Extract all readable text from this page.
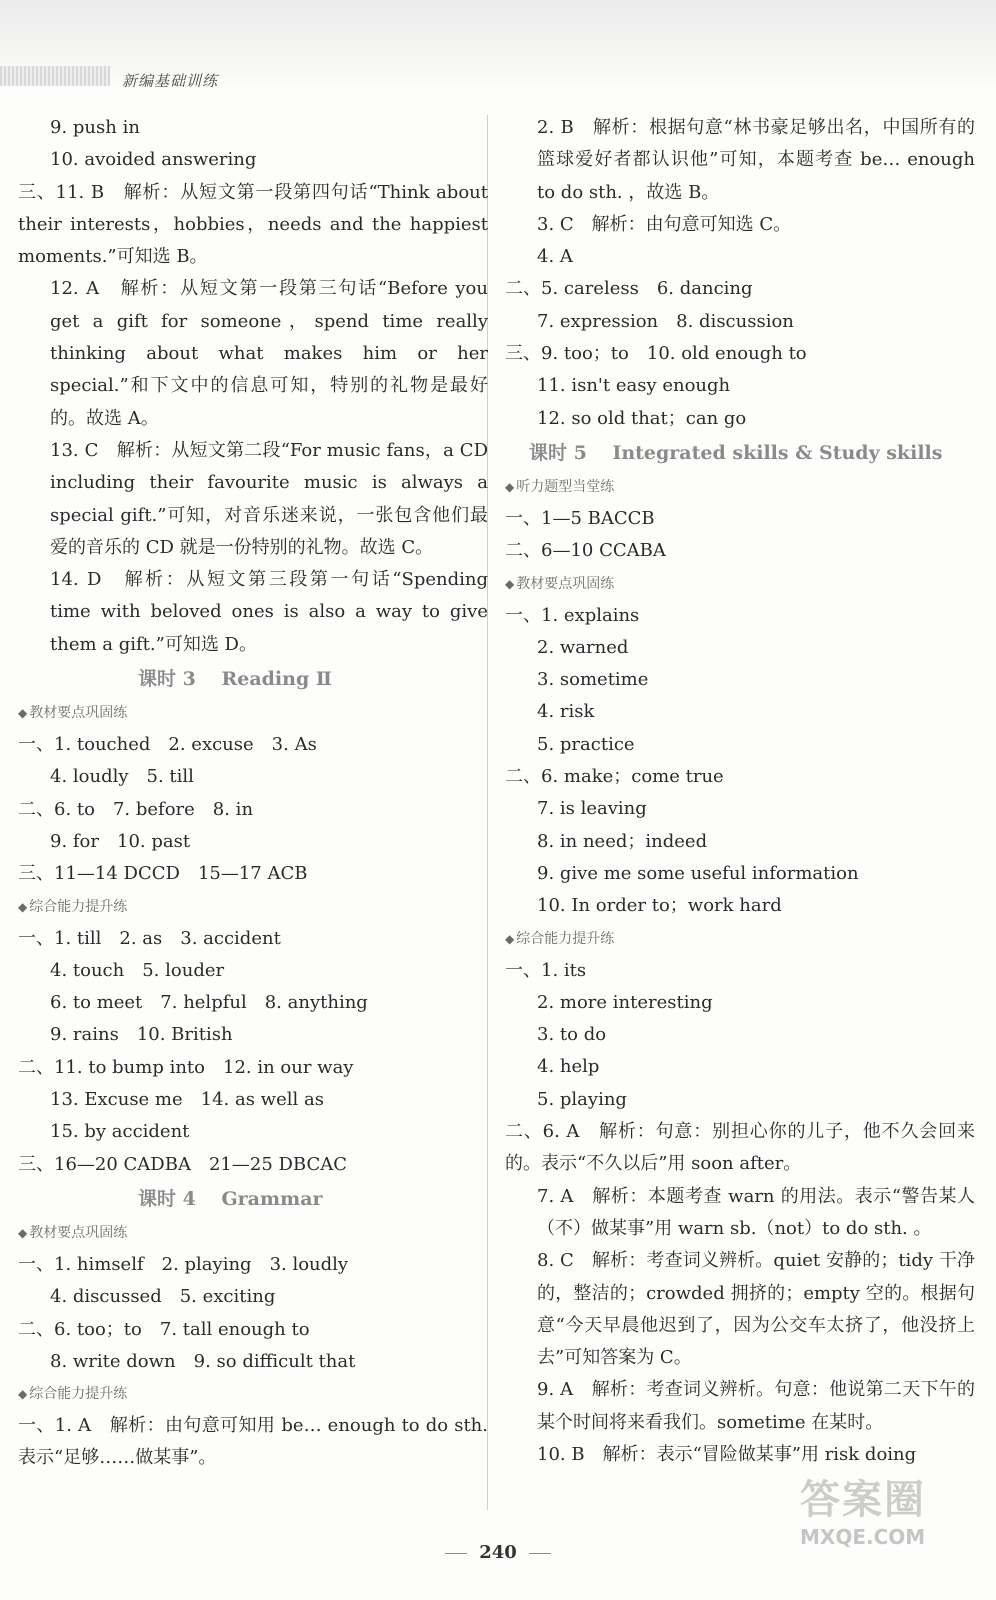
新编基础训练
9. push in
10. avoided answering
三、11. B　解析：从短文第一段第四句话“Think about their interests，hobbies，needs and the happiest moments.”可知选 B。
12. A　解析：从短文第一段第三句话“Before you get a gift for someone，spend time really thinking about what makes him or her special.”和下文中的信息可知，特别的礼物是最好的。故选 A。
13. C　解析：从短文第二段“For music fans，a CD including their favourite music is always a special gift.”可知，对音乐迷来说，一张包含他们最爱的音乐的 CD 就是一份特别的礼物。故选 C。
14. D　解析：从短文第三段第一句话“Spending time with beloved ones is also a way to give them a gift.”可知选 D。
课时 3　 Reading Ⅱ
◆ 教材要点巩固练
一、1. touched　2. excuse　3. As
4. loudly　5. till
二、6. to　7. before　8. in
9. for　10. past
三、11—14 DCCD　15—17 ACB
◆ 综合能力提升练
一、1. till　2. as　3. accident
4. touch　5. louder
6. to meet　7. helpful　8. anything
9. rains　10. British
二、11. to bump into　12. in our way
13. Excuse me　14. as well as
15. by accident
三、16—20 CADBA　21—25 DBCAC
课时 4　 Grammar
◆ 教材要点巩固练
一、1. himself　2. playing　3. loudly
4. discussed　5. exciting
二、6. too；to　7. tall enough to
8. write down　9. so difficult that
◆ 综合能力提升练
一、1. A　解析：由句意可知用 be… enough to do sth. 表示“足够……做某事”。
2. B　解析：根据句意“林书豪足够出名，中国所有的篮球爱好者都认识他”可知，本题考查 be… enough to do sth. ，故选 B。
3. C　解析：由句意可知选 C。
4. A
二、5. careless　6. dancing
7. expression　8. discussion
三、9. too；to　10. old enough to
11. isn't easy enough
12. so old that；can go
课时 5　 Integrated skills & Study skills
◆ 听力题型当堂练
一、1—5 BACCB
二、6—10 CCABA
◆ 教材要点巩固练
一、1. explains
2. warned
3. sometime
4. risk
5. practice
二、6. make；come true
7. is leaving
8. in need；indeed
9. give me some useful information
10. In order to；work hard
◆ 综合能力提升练
一、1. its
2. more interesting
3. to do
4. help
5. playing
二、6. A　解析：句意：别担心你的儿子，他不久会回来的。表示“不久以后”用 soon after。
7. A　解析：本题考查 warn 的用法。表示“警告某人（不）做某事”用 warn sb.（not）to do sth. 。
8. C　解析：考查词义辨析。quiet 安静的；tidy 干净的，整洁的；crowded 拥挤的；empty 空的。根据句意“今天早晨他迟到了，因为公交车太挤了，他没挤上去”可知答案为 C。
9. A　解析：考查词义辨析。句意：他说第二天下午的某个时间将来看我们。sometime 在某时。
10. B　解析：表示“冒险做某事”用 risk doing
240
答案圈
MXQE.COM
